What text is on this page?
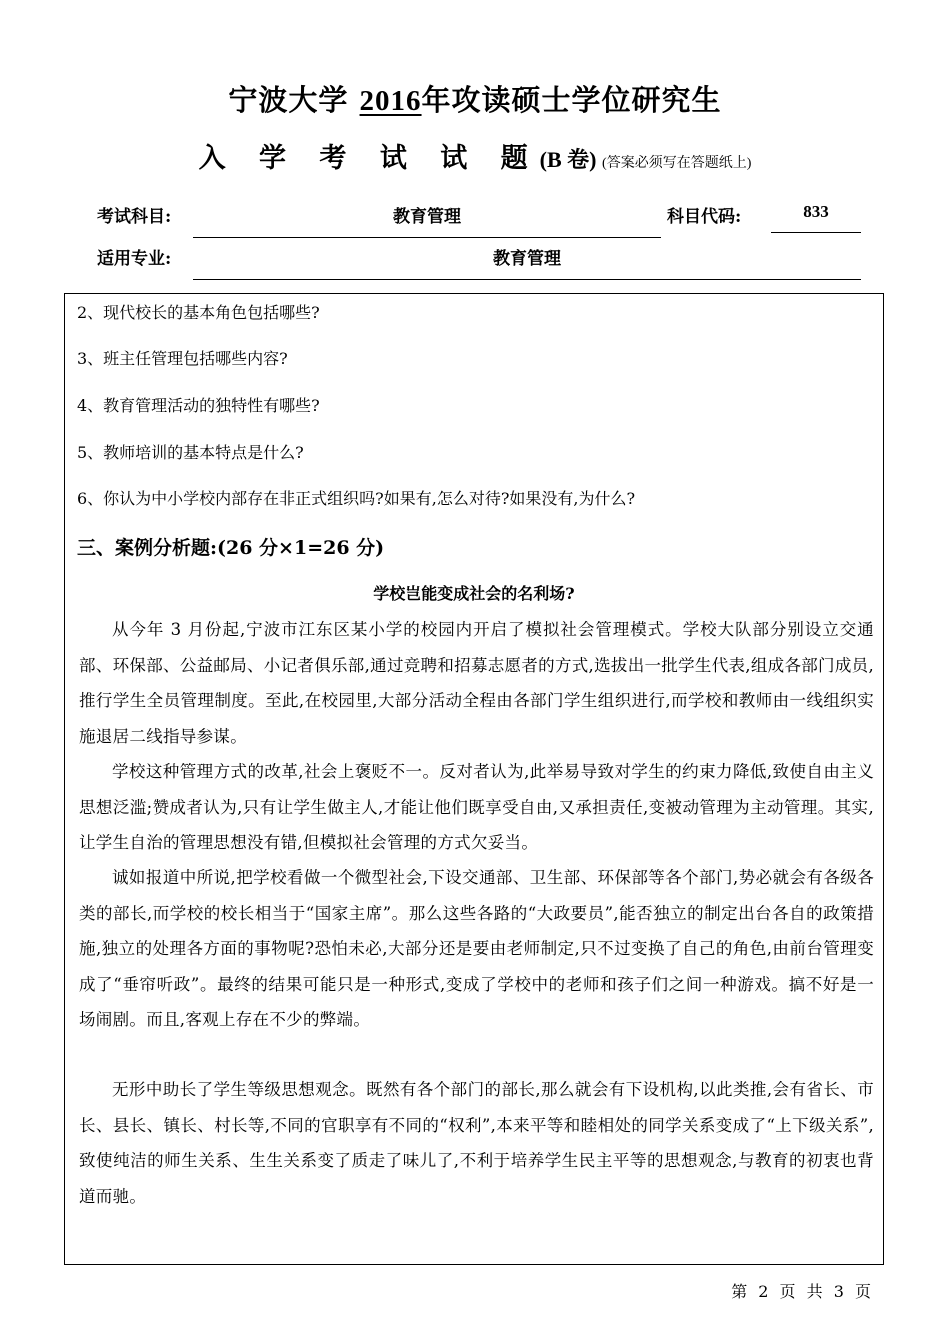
宁波大学 2016年攻读硕士学位研究生
入 学 考 试 试 题(B 卷) (答案必须写在答题纸上)
考试科目:	教育管理	科目代码:	833
适用专业:	教育管理
2、现代校长的基本角色包括哪些?
3、班主任管理包括哪些内容?
4、教育管理活动的独特性有哪些?
5、教师培训的基本特点是什么?
6、你认为中小学校内部存在非正式组织吗?如果有,怎么对待?如果没有,为什么?
三、案例分析题:(26 分×1=26 分)
学校岂能变成社会的名利场?
从今年 3 月份起,宁波市江东区某小学的校园内开启了模拟社会管理模式。学校大队部分别设立交通部、环保部、公益邮局、小记者俱乐部,通过竞聘和招募志愿者的方式,选拔出一批学生代表,组成各部门成员,推行学生全员管理制度。至此,在校园里,大部分活动全程由各部门学生组织进行,而学校和教师由一线组织实施退居二线指导参谋。
学校这种管理方式的改革,社会上褒贬不一。反对者认为,此举易导致对学生的约束力降低,致使自由主义思想泛滥;赞成者认为,只有让学生做主人,才能让他们既享受自由,又承担责任,变被动管理为主动管理。其实,让学生自治的管理思想没有错,但模拟社会管理的方式欠妥当。
诚如报道中所说,把学校看做一个微型社会,下设交通部、卫生部、环保部等各个部门,势必就会有各级各类的部长,而学校的校长相当于“国家主席”。那么这些各路的“大政要员”,能否独立的制定出台各自的政策措施,独立的处理各方面的事物呢?恐怕未必,大部分还是要由老师制定,只不过变换了自己的角色,由前台管理变成了“垂帘听政”。最终的结果可能只是一种形式,变成了学校中的老师和孩子们之间一种游戏。搞不好是一场闹剧。而且,客观上存在不少的弊端。
无形中助长了学生等级思想观念。既然有各个部门的部长,那么就会有下设机构,以此类推,会有省长、市长、县长、镇长、村长等,不同的官职享有不同的“权利”,本来平等和睦相处的同学关系变成了“上下级关系”,致使纯洁的师生关系、生生关系变了质走了味儿了,不利于培养学生民主平等的思想观念,与教育的初衷也背道而驰。
第 2 页 共 3 页
